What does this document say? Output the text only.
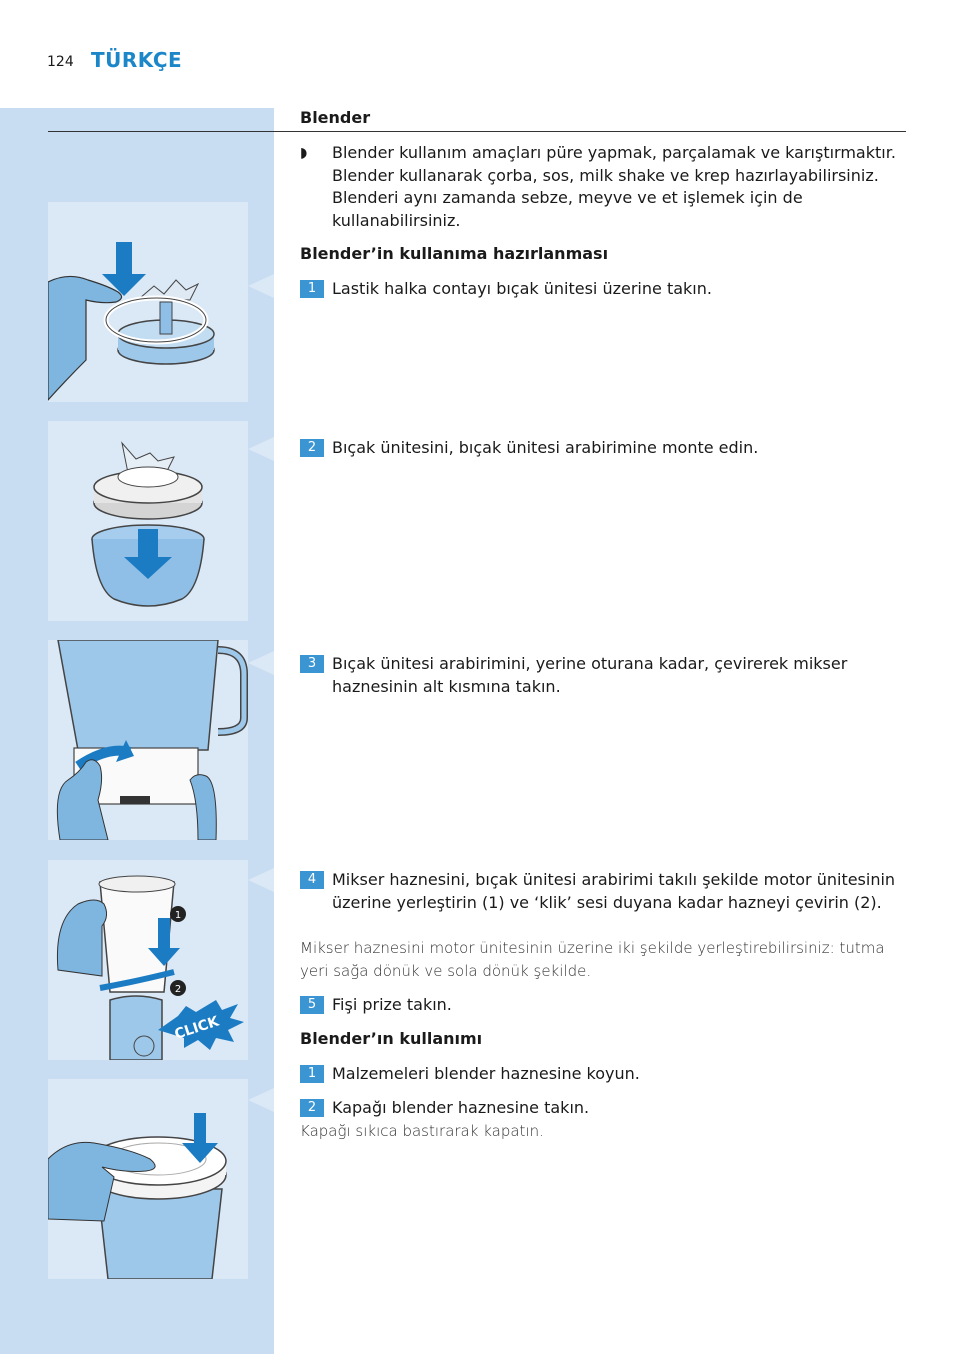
124 TÜRKÇE
1
2
CLICK
Blender
◗ Blender kullanım amaçları püre yapmak, parçalamak ve karıştırmaktır. Blender kullanarak çorba, sos, milk shake ve krep hazırlayabilirsiniz. Blenderi aynı zamanda sebze, meyve ve et işlemek için de kullanabilirsiniz.
Blender’in kullanıma hazırlanması
1 Lastik halka contayı bıçak ünitesi üzerine takın.
2 Bıçak ünitesini, bıçak ünitesi arabirimine monte edin.
3 Bıçak ünitesi arabirimini, yerine oturana kadar, çevirerek mikser haznesinin alt kısmına takın.
4 Mikser haznesini, bıçak ünitesi arabirimi takılı şekilde motor ünitesinin üzerine yerleştirin (1) ve ‘klik’ sesi duyana kadar hazneyi çevirin (2).
Mikser haznesini motor ünitesinin üzerine iki şekilde yerleştirebilirsiniz: tutma yeri sağa dönük ve sola dönük şekilde.
5 Fişi prize takın.
Blender’ın kullanımı
1 Malzemeleri blender haznesine koyun.
2 Kapağı blender haznesine takın.
Kapağı sıkıca bastırarak kapatın.
